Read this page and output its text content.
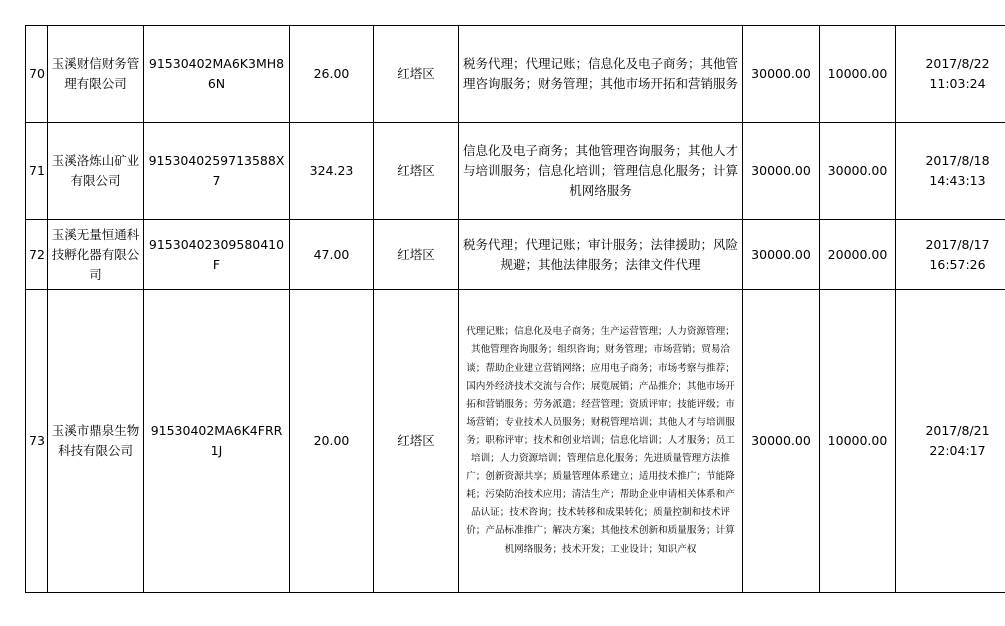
70	玉溪财信财务管理有限公司	91530402MA6K3MH86N	26.00	红塔区	税务代理；代理记账；信息化及电子商务；其他管理咨询服务；财务管理；其他市场开拓和营销服务	30000.00	10000.00	2017/8/22 11:03:24
71	玉溪洛炼山矿业有限公司	9153040259713588X7	324.23	红塔区	信息化及电子商务；其他管理咨询服务；其他人才与培训服务；信息化培训；管理信息化服务；计算机网络服务	30000.00	30000.00	2017/8/18 14:43:13
72	玉溪无量恒通科技孵化器有限公司	91530402309580410F	47.00	红塔区	税务代理；代理记账；审计服务；法律援助；风险规避；其他法律服务；法律文件代理	30000.00	20000.00	2017/8/17 16:57:26
73	玉溪市鼎泉生物科技有限公司	91530402MA6K4FRR1J	20.00	红塔区	代理记账；信息化及电子商务；生产运营管理；人力资源管理；其他管理咨询服务；组织咨询；财务管理；市场营销；贸易洽谈；帮助企业建立营销网络；应用电子商务；市场考察与推荐；国内外经济技术交流与合作；展览展销；产品推介；其他市场开拓和营销服务；劳务派遣；经营管理；资质评审；技能评级；市场营销；专业技术人员服务；财税管理培训；其他人才与培训服务；职称评审；技术和创业培训；信息化培训；人才服务；员工培训；人力资源培训；管理信息化服务；先进质量管理方法推广；创新资源共享；质量管理体系建立；适用技术推广；节能降耗；污染防治技术应用；清洁生产；帮助企业申请相关体系和产品认证；技术咨询；技术转移和成果转化；质量控制和技术评价；产品标准推广；解决方案；其他技术创新和质量服务；计算机网络服务；技术开发；工业设计；知识产权	30000.00	10000.00	2017/8/21 22:04:17
